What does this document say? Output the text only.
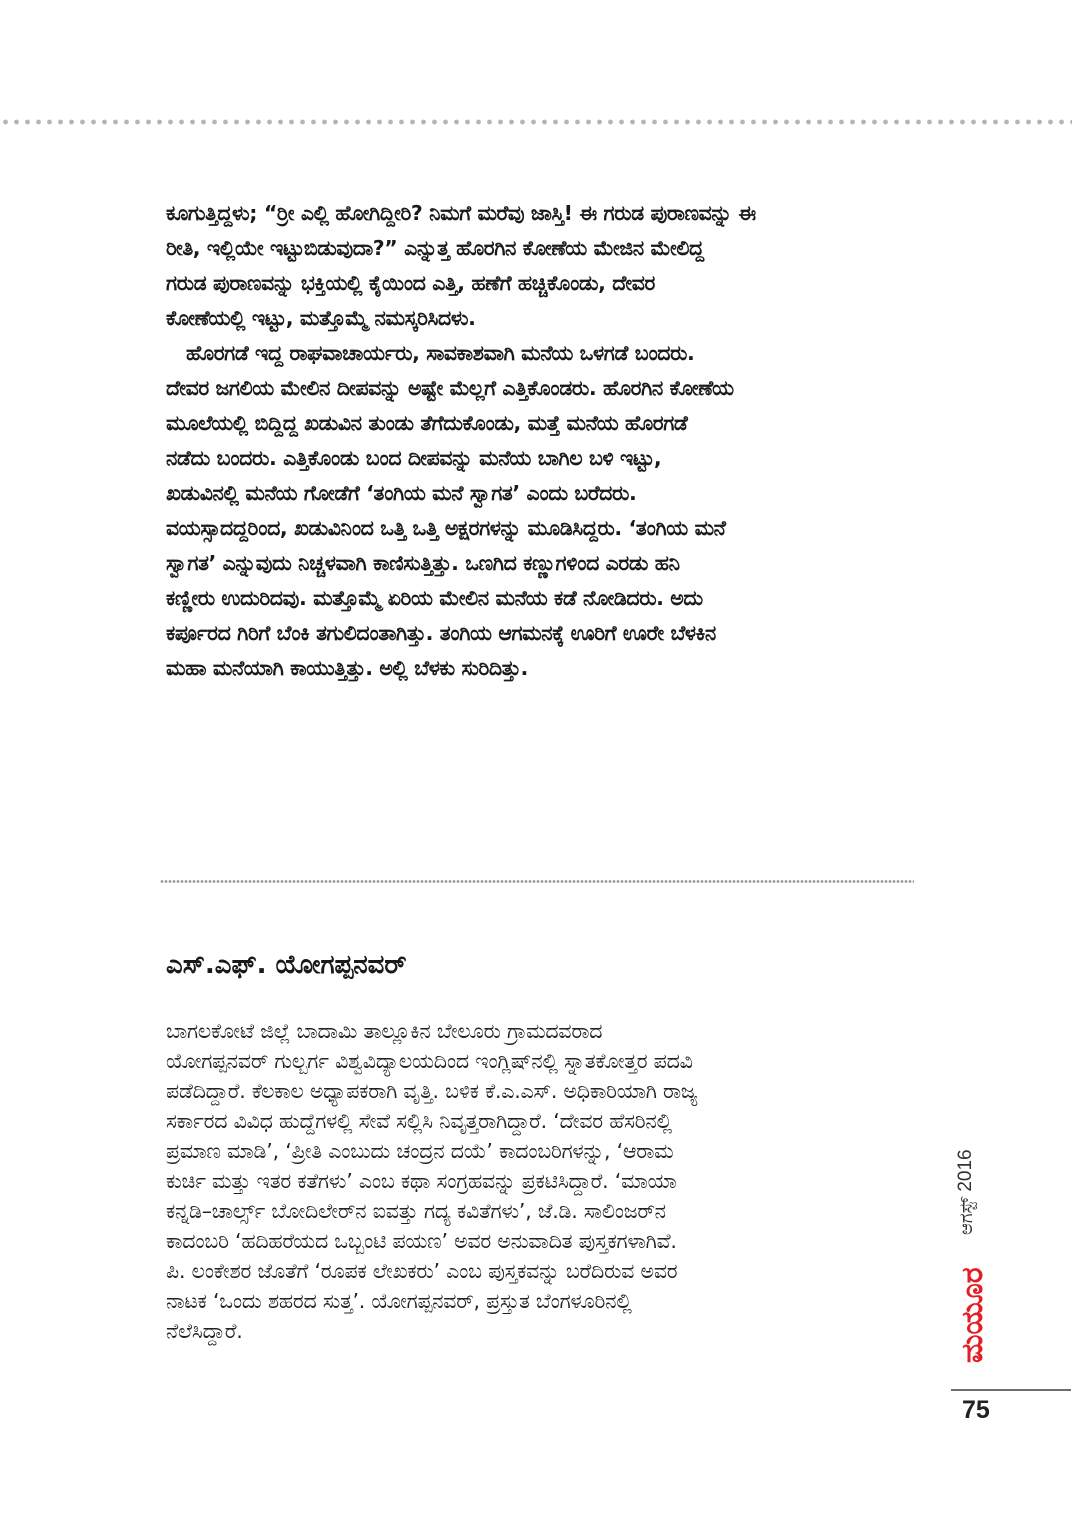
ಕೂಗುತ್ತಿದ್ದಳು; “ರ್‍ರೀ ಎಲ್ಲಿ ಹೋಗಿದ್ದೀರಿ? ನಿಮಗೆ ಮರೆವು ಜಾಸ್ತಿ! ಈ ಗರುಡ ಪುರಾಣವನ್ನು ಈ

ರೀತಿ, ಇಲ್ಲಿಯೇ ಇಟ್ಟುಬಿಡುವುದಾ?” ಎನ್ನುತ್ತ ಹೊರಗಿನ ಕೋಣೆಯ ಮೇಜಿನ ಮೇಲಿದ್ದ

ಗರುಡ ಪುರಾಣವನ್ನು ಭಕ್ತಿಯಲ್ಲಿ ಕೈಯಿಂದ ಎತ್ತಿ, ಹಣೆಗೆ ಹಚ್ಚಿಕೊಂಡು, ದೇವರ

ಕೋಣೆಯಲ್ಲಿ ಇಟ್ಟು, ಮತ್ತೊಮ್ಮೆ ನಮಸ್ಕರಿಸಿದಳು.

ಹೊರಗಡೆ ಇದ್ದ ರಾಘವಾಚಾರ್ಯರು, ಸಾವಕಾಶವಾಗಿ ಮನೆಯ ಒಳಗಡೆ ಬಂದರು.

ದೇವರ ಜಗಲಿಯ ಮೇಲಿನ ದೀಪವನ್ನು ಅಷ್ಟೇ ಮೆಲ್ಲಗೆ ಎತ್ತಿಕೊಂಡರು. ಹೊರಗಿನ ಕೋಣೆಯ

ಮೂಲೆಯಲ್ಲಿ ಬಿದ್ದಿದ್ದ ಖಡುವಿನ ತುಂಡು ತೆಗೆದುಕೊಂಡು, ಮತ್ತೆ ಮನೆಯ ಹೊರಗಡೆ

ನಡೆದು ಬಂದರು. ಎತ್ತಿಕೊಂಡು ಬಂದ ದೀಪವನ್ನು ಮನೆಯ ಬಾಗಿಲ ಬಳಿ ಇಟ್ಟು,

ಖಡುವಿನಲ್ಲಿ ಮನೆಯ ಗೋಡೆಗೆ ‘ತಂಗಿಯ ಮನೆ ಸ್ವಾಗತ’ ಎಂದು ಬರೆದರು.

ವಯಸ್ಸಾದದ್ದರಿಂದ, ಖಡುವಿನಿಂದ ಒತ್ತಿ ಒತ್ತಿ ಅಕ್ಷರಗಳನ್ನು ಮೂಡಿಸಿದ್ದರು. ‘ತಂಗಿಯ ಮನೆ

ಸ್ವಾಗತ’ ಎನ್ನುವುದು ನಿಚ್ಚಳವಾಗಿ ಕಾಣಿಸುತ್ತಿತ್ತು. ಒಣಗಿದ ಕಣ್ಣುಗಳಿಂದ ಎರಡು ಹನಿ

ಕಣ್ಣೀರು ಉದುರಿದವು. ಮತ್ತೊಮ್ಮೆ ಏರಿಯ ಮೇಲಿನ ಮನೆಯ ಕಡೆ ನೋಡಿದರು. ಅದು

ಕರ್ಪೂರದ ಗಿರಿಗೆ ಬೆಂಕಿ ತಗುಲಿದಂತಾಗಿತ್ತು. ತಂಗಿಯ ಆಗಮನಕ್ಕೆ ಊರಿಗೆ ಊರೇ ಬೆಳಕಿನ

ಮಹಾ ಮನೆಯಾಗಿ ಕಾಯುತ್ತಿತ್ತು. ಅಲ್ಲಿ ಬೆಳಕು ಸುರಿದಿತ್ತು.

ಎಸ್.ಎಫ್. ಯೋಗಪ್ಪನವರ್

ಬಾಗಲಕೋಟೆ ಜಿಲ್ಲೆ ಬಾದಾಮಿ ತಾಲ್ಲೂಕಿನ ಬೇಲೂರು ಗ್ರಾಮದವರಾದ

ಯೋಗಪ್ಪನವರ್ ಗುಲ್ಬರ್ಗ ವಿಶ್ವವಿದ್ಯಾಲಯದಿಂದ ಇಂಗ್ಲಿಷ್‌ನಲ್ಲಿ ಸ್ನಾತಕೋತ್ತರ ಪದವಿ

ಪಡೆದಿದ್ದಾರೆ. ಕೆಲಕಾಲ ಅಧ್ಯಾಪಕರಾಗಿ ವೃತ್ತಿ. ಬಳಿಕ ಕೆ.ಎ.ಎಸ್. ಅಧಿಕಾರಿಯಾಗಿ ರಾಜ್ಯ

ಸರ್ಕಾರದ ವಿವಿಧ ಹುದ್ದೆಗಳಲ್ಲಿ ಸೇವೆ ಸಲ್ಲಿಸಿ ನಿವೃತ್ತರಾಗಿದ್ದಾರೆ. ‘ದೇವರ ಹೆಸರಿನಲ್ಲಿ

ಪ್ರಮಾಣ ಮಾಡಿ’, ‘ಪ್ರೀತಿ ಎಂಬುದು ಚಂದ್ರನ ದಯೆ’ ಕಾದಂಬರಿಗಳನ್ನು, ‘ಆರಾಮ

ಕುರ್ಚಿ ಮತ್ತು ಇತರ ಕತೆಗಳು’ ಎಂಬ ಕಥಾ ಸಂಗ್ರಹವನ್ನು ಪ್ರಕಟಿಸಿದ್ದಾರೆ. ‘ಮಾಯಾ

ಕನ್ನಡಿ–ಚಾರ್ಲ್ಸ್ ಬೋದಿಲೇರ್‌ನ ಐವತ್ತು ಗದ್ಯ ಕವಿತೆಗಳು’, ಜೆ.ಡಿ. ಸಾಲಿಂಜರ್‌ನ

ಕಾದಂಬರಿ ‘ಹದಿಹರೆಯದ ಒಬ್ಬಂಟಿ ಪಯಣ’ ಅವರ ಅನುವಾದಿತ ಪುಸ್ತಕಗಳಾಗಿವೆ.

ಪಿ. ಲಂಕೇಶರ ಜೊತೆಗೆ ‘ರೂಪಕ ಲೇಖಕರು’ ಎಂಬ ಪುಸ್ತಕವನ್ನು ಬರೆದಿರುವ ಅವರ

ನಾಟಕ ‘ಒಂದು ಶಹರದ ಸುತ್ತ’. ಯೋಗಪ್ಪನವರ್, ಪ್ರಸ್ತುತ ಬೆಂಗಳೂರಿನಲ್ಲಿ

ನೆಲೆಸಿದ್ದಾರೆ.

ಆಗಸ್ಟ್ 2016
ಮಯೂರ
75
